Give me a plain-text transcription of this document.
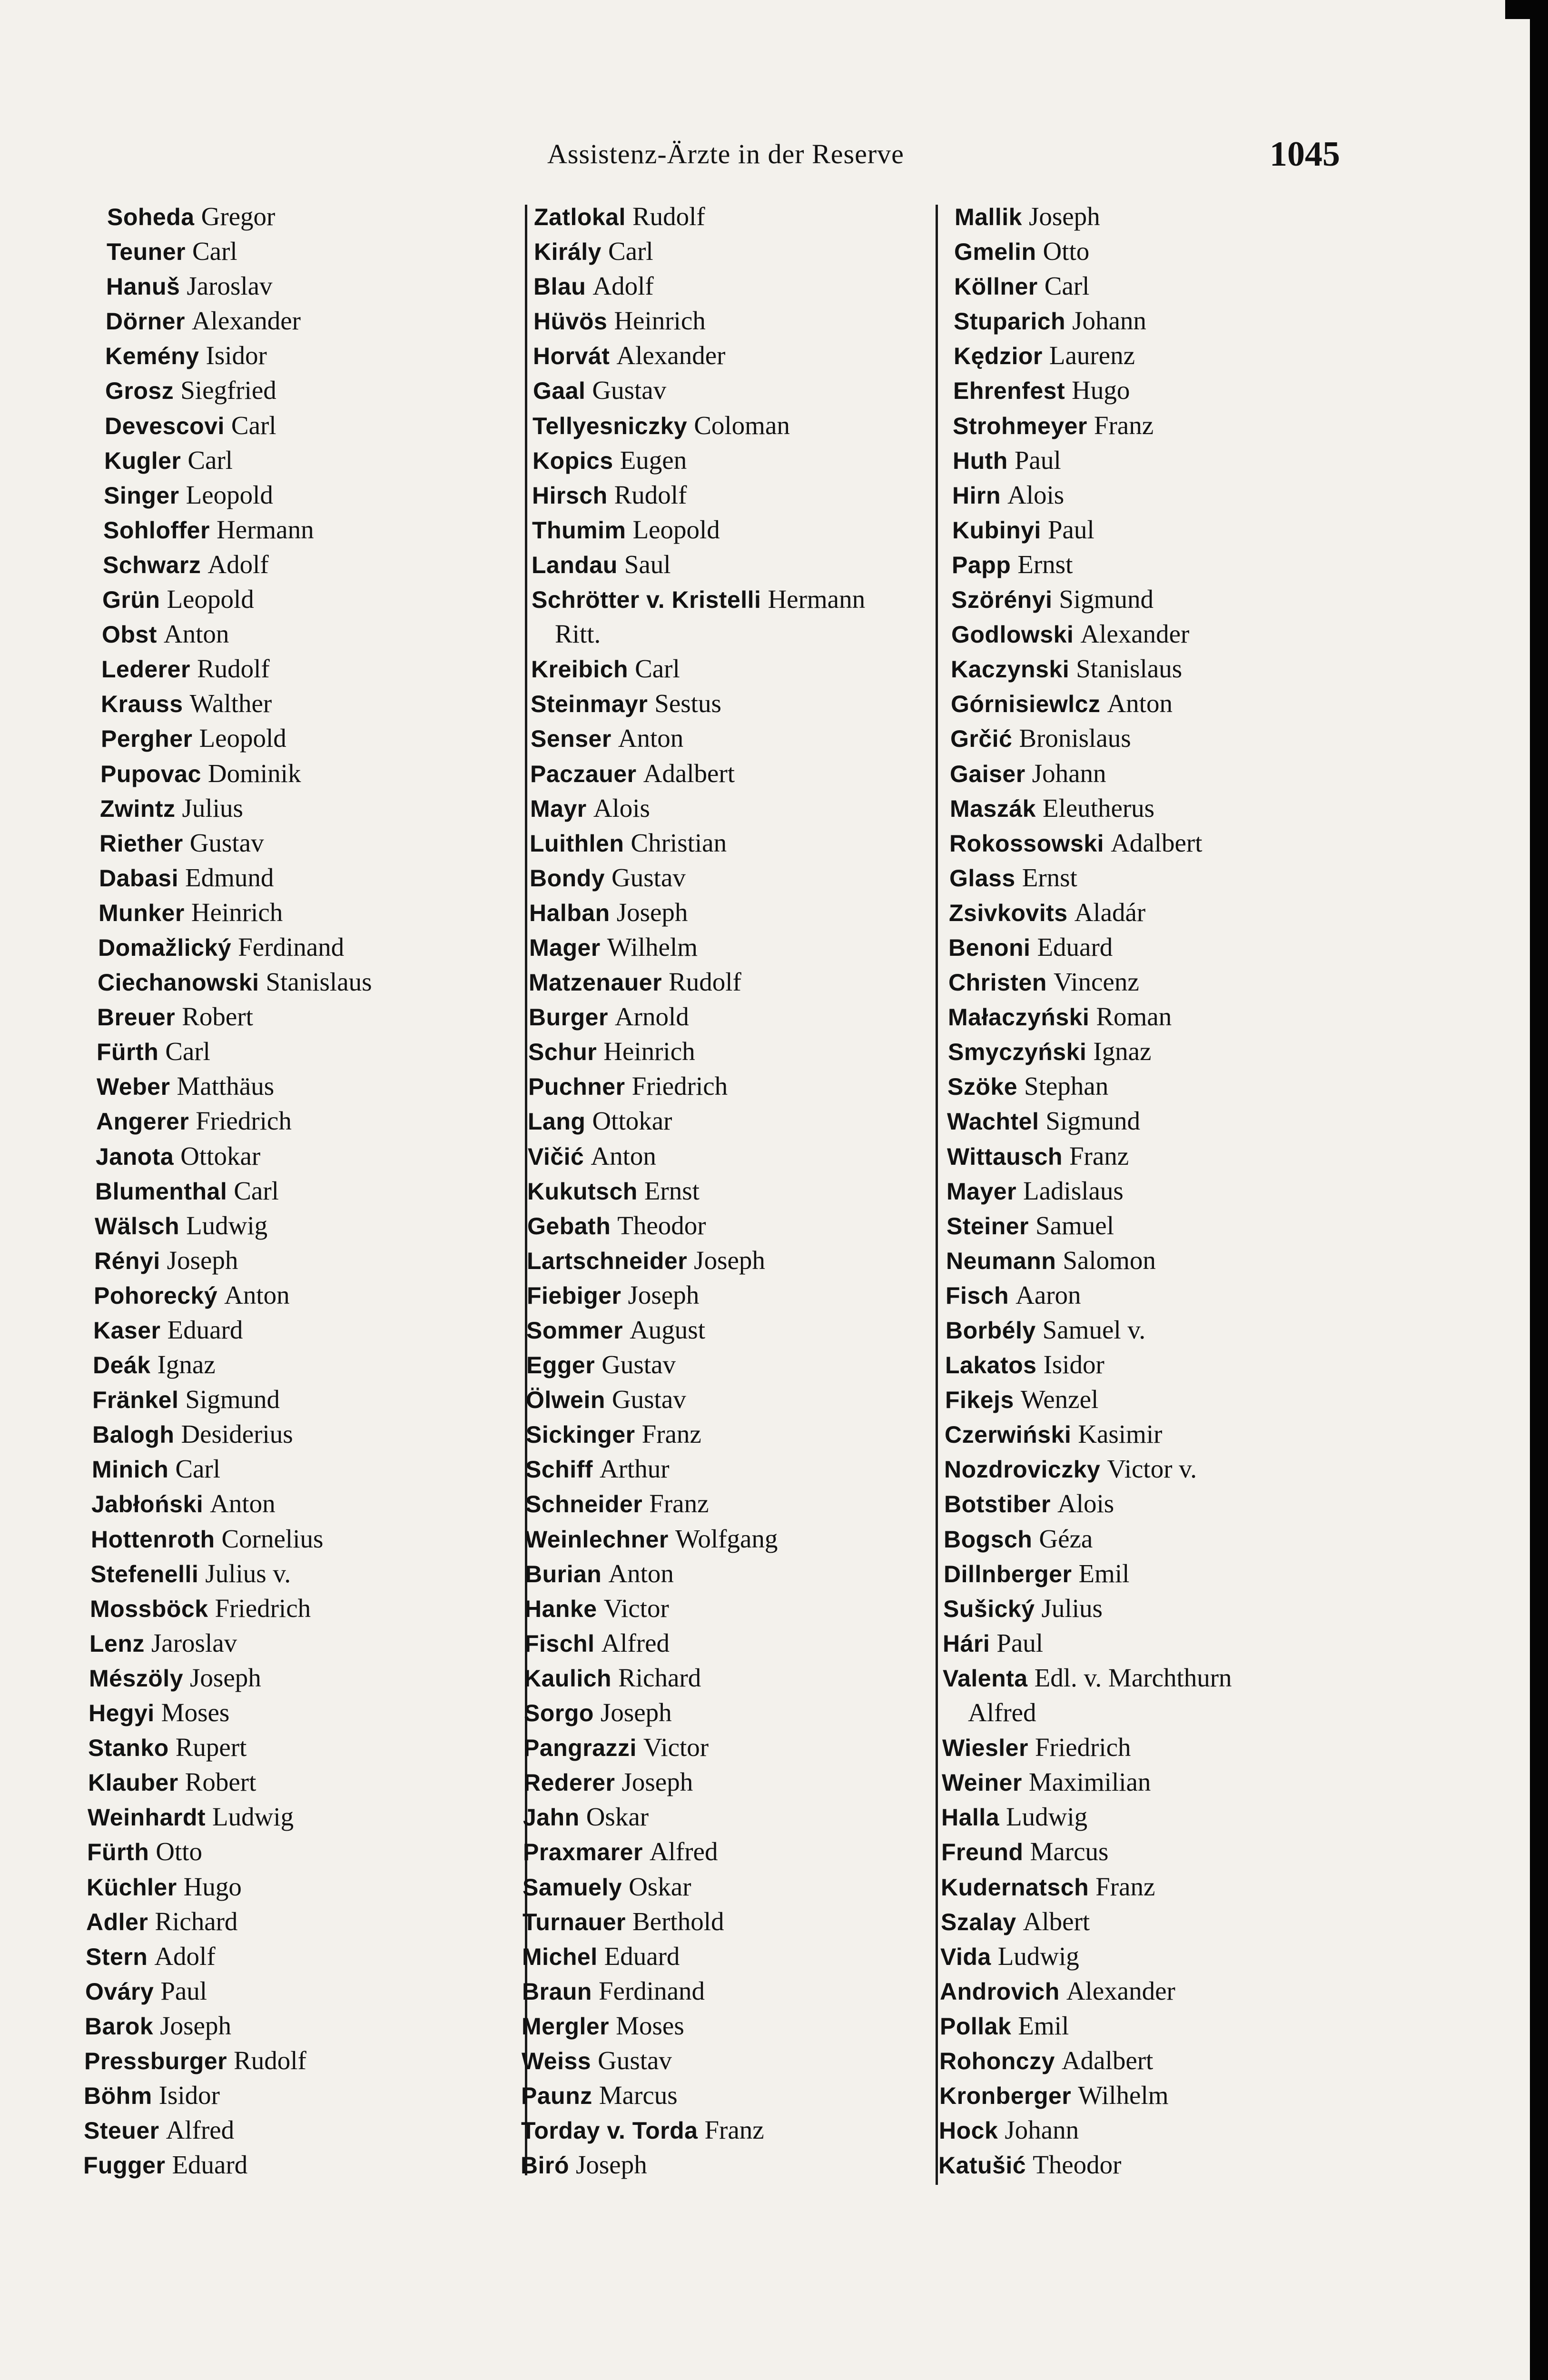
Assistenz-Ärzte in der Reserve	1045
Soheda Gregor
Teuner Carl
Hanuš Jaroslav
Dörner Alexander
Kemény Isidor
Grosz Siegfried
Devescovi Carl
Kugler Carl
Singer Leopold
Sohloffer Hermann
Schwarz Adolf
Grün Leopold
Obst Anton
Lederer Rudolf
Krauss Walther
Pergher Leopold
Pupovac Dominik
Zwintz Julius
Riether Gustav
Dabasi Edmund
Munker Heinrich
Domažlický Ferdinand
Ciechanowski Stanislaus
Breuer Robert
Fürth Carl
Weber Matthäus
Angerer Friedrich
Janota Ottokar
Blumenthal Carl
Wälsch Ludwig
Rényi Joseph
Pohorecký Anton
Kaser Eduard
Deák Ignaz
Fränkel Sigmund
Balogh Desiderius
Minich Carl
Jabłoński Anton
Hottenroth Cornelius
Stefenelli Julius v.
Mossböck Friedrich
Lenz Jaroslav
Mészöly Joseph
Hegyi Moses
Stanko Rupert
Klauber Robert
Weinhardt Ludwig
Fürth Otto
Küchler Hugo
Adler Richard
Stern Adolf
Ováry Paul
Barok Joseph
Pressburger Rudolf
Böhm Isidor
Steuer Alfred
Fugger Eduard
Zatlokal Rudolf
Király Carl
Blau Adolf
Hüvös Heinrich
Horvát Alexander
Gaal Gustav
Tellyesniczky Coloman
Kopics Eugen
Hirsch Rudolf
Thumim Leopold
Landau Saul
Schrötter v. Kristelli Hermann
Ritt.
Kreibich Carl
Steinmayr Sestus
Senser Anton
Paczauer Adalbert
Mayr Alois
Luithlen Christian
Bondy Gustav
Halban Joseph
Mager Wilhelm
Matzenauer Rudolf
Burger Arnold
Schur Heinrich
Puchner Friedrich
Lang Ottokar
Vičić Anton
Kukutsch Ernst
Gebath Theodor
Lartschneider Joseph
Fiebiger Joseph
Sommer August
Egger Gustav
Ölwein Gustav
Sickinger Franz
Schiff Arthur
Schneider Franz
Weinlechner Wolfgang
Burian Anton
Hanke Victor
Fischl Alfred
Kaulich Richard
Sorgo Joseph
Pangrazzi Victor
Rederer Joseph
Jahn Oskar
Praxmarer Alfred
Samuely Oskar
Turnauer Berthold
Michel Eduard
Braun Ferdinand
Mergler Moses
Weiss Gustav
Paunz Marcus
Torday v. Torda Franz
Biró Joseph
Mallik Joseph
Gmelin Otto
Köllner Carl
Stuparich Johann
Kędzior Laurenz
Ehrenfest Hugo
Strohmeyer Franz
Huth Paul
Hirn Alois
Kubinyi Paul
Papp Ernst
Szörényi Sigmund
Godlowski Alexander
Kaczynski Stanislaus
Górnisiewlcz Anton
Grčić Bronislaus
Gaiser Johann
Maszák Eleutherus
Rokossowski Adalbert
Glass Ernst
Zsivkovits Aladár
Benoni Eduard
Christen Vincenz
Małaczyński Roman
Smyczyński Ignaz
Szöke Stephan
Wachtel Sigmund
Wittausch Franz
Mayer Ladislaus
Steiner Samuel
Neumann Salomon
Fisch Aaron
Borbély Samuel v.
Lakatos Isidor
Fikejs Wenzel
Czerwiński Kasimir
Nozdroviczky Victor v.
Botstiber Alois
Bogsch Géza
Dillnberger Emil
Sušický Julius
Hári Paul
Valenta Edl. v. Marchthurn
Alfred
Wiesler Friedrich
Weiner Maximilian
Halla Ludwig
Freund Marcus
Kudernatsch Franz
Szalay Albert
Vida Ludwig
Androvich Alexander
Pollak Emil
Rohonczy Adalbert
Kronberger Wilhelm
Hock Johann
Katušić Theodor
